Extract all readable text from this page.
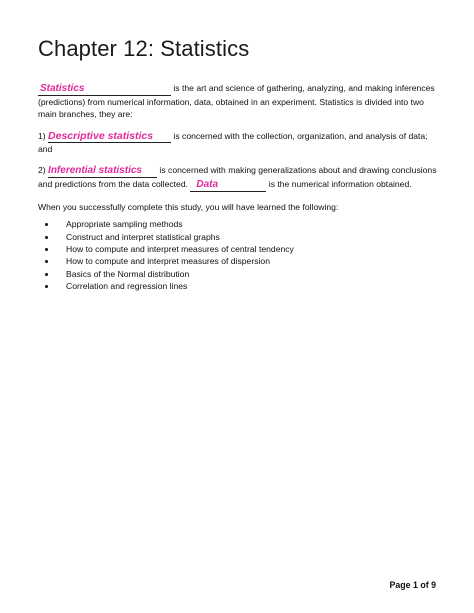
Chapter 12: Statistics

Statistics	is the art and science of gathering, analyzing, and making inferences (predictions) from numerical information, data, obtained in an experiment. Statistics is divided into two main branches, they are:

1) Descriptive statistics is concerned with the collection, organization, and analysis of data; and

2) Inferential statistics is concerned with making generalizations about and drawing conclusions and predictions from the data collected. Data	is the numerical information obtained.

When you successfully complete this study, you will have learned the following:

• Appropriate sampling methods
• Construct and interpret statistical graphs
• How to compute and interpret measures of central tendency
• How to compute and interpret measures of dispersion
• Basics of the Normal distribution
• Correlation and regression lines
Page 1 of 9
